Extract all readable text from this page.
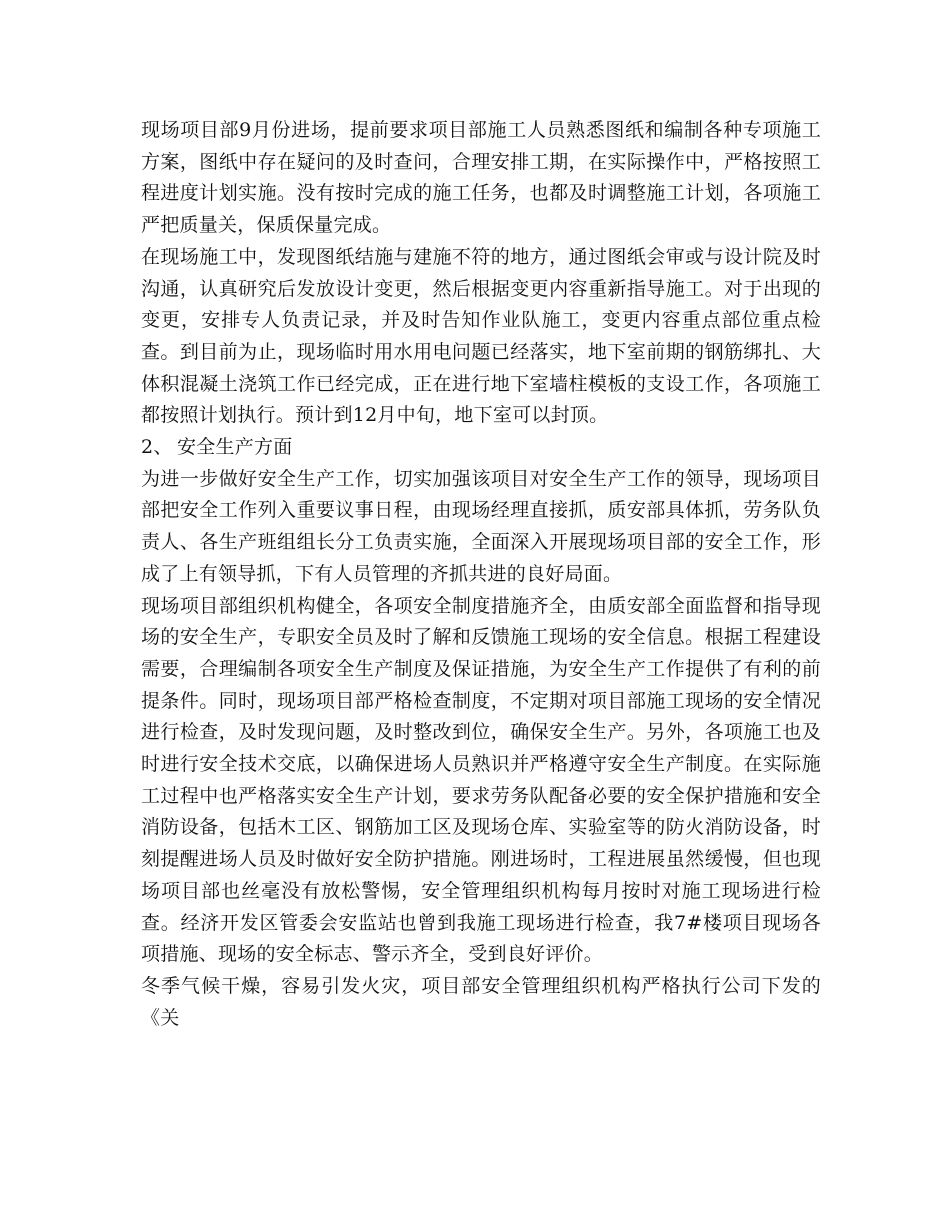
现场项目部9月份进场，提前要求项目部施工人员熟悉图纸和编制各种专项施工方案，图纸中存在疑问的及时查问，合理安排工期，在实际操作中，严格按照工程进度计划实施。没有按时完成的施工任务，也都及时调整施工计划，各项施工严把质量关，保质保量完成。

在现场施工中，发现图纸结施与建施不符的地方，通过图纸会审或与设计院及时沟通，认真研究后发放设计变更，然后根据变更内容重新指导施工。对于出现的变更，安排专人负责记录，并及时告知作业队施工，变更内容重点部位重点检查。到目前为止，现场临时用水用电问题已经落实，地下室前期的钢筋绑扎、大体积混凝土浇筑工作已经完成，正在进行地下室墙柱模板的支设工作，各项施工都按照计划执行。预计到12月中旬，地下室可以封顶。

2、 安全生产方面

为进一步做好安全生产工作，切实加强该项目对安全生产工作的领导，现场项目部把安全工作列入重要议事日程，由现场经理直接抓，质安部具体抓，劳务队负责人、各生产班组组长分工负责实施，全面深入开展现场项目部的安全工作，形成了上有领导抓，下有人员管理的齐抓共进的良好局面。

现场项目部组织机构健全，各项安全制度措施齐全，由质安部全面监督和指导现场的安全生产，专职安全员及时了解和反馈施工现场的安全信息。根据工程建设需要，合理编制各项安全生产制度及保证措施，为安全生产工作提供了有利的前提条件。同时，现场项目部严格检查制度，不定期对项目部施工现场的安全情况进行检查，及时发现问题，及时整改到位，确保安全生产。另外，各项施工也及时进行安全技术交底，以确保进场人员熟识并严格遵守安全生产制度。在实际施工过程中也严格落实安全生产计划，要求劳务队配备必要的安全保护措施和安全消防设备，包括木工区、钢筋加工区及现场仓库、实验室等的防火消防设备，时刻提醒进场人员及时做好安全防护措施。刚进场时，工程进展虽然缓慢，但也现场项目部也丝毫没有放松警惕，安全管理组织机构每月按时对施工现场进行检查。经济开发区管委会安监站也曾到我施工现场进行检查，我7#楼项目现场各项措施、现场的安全标志、警示齐全，受到良好评价。

冬季气候干燥，容易引发火灾，项目部安全管理组织机构严格执行公司下发的《关
